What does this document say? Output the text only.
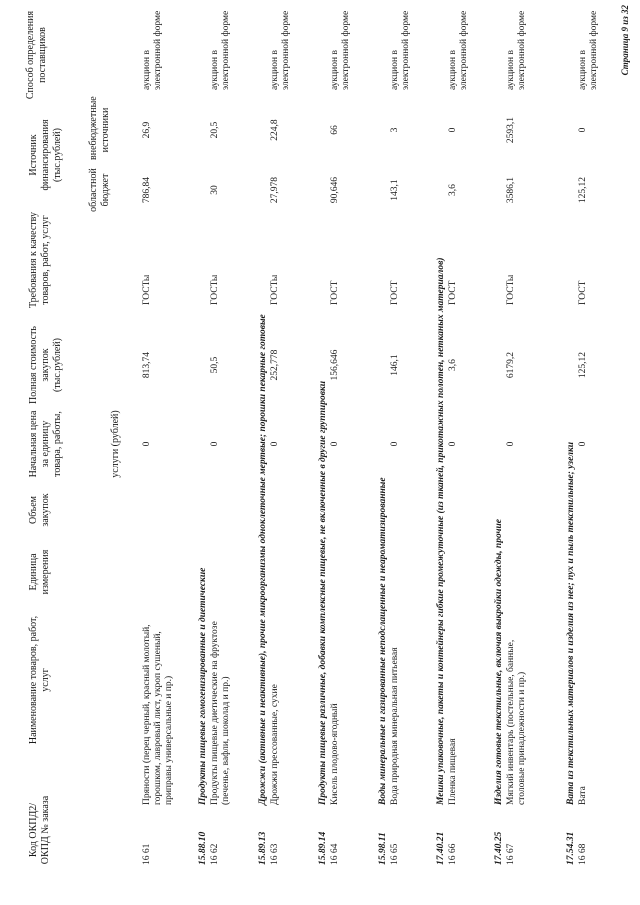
Код ОКПД2/ ОКПД № заказа
Наименование товаров, работ, услуг
Единица измерения
Объем закупок
Начальная цена за единицу товара, работы,	услуги (рублей)
Полная стоимость закупок (тыс.рублей)
Требования к качеству товаров, работ, услуг
Источник финансирования (тыс.рублей)
областной бюджет
внебюджетные источники
Способ определения поставщиков
16 61
Пряности (перец черный, красный молотый, горошком, лавровый лист, укроп сушеный, приправы универсальные и пр.)
0
813,74
ГОСТы
786,84
26,9
аукцион в электронной форме
15.88.10
Продукты пищевые гомогенизированные и диетические
16 62
Продукты пищевые диетические на фруктозе (печенье, вафли, шоколад и пр.)
0
50,5
ГОСТы
30
20,5
аукцион в электронной форме
15.89.13
Дрожжи (активные и неактивные), прочие микроорганизмы одноклеточные мертвые; порошки пекарные готовые
16 63
Дрожжи прессованные, сухие
0
252,778
ГОСТы
27,978
224,8
аукцион в электронной форме
15.89.14
Продукты пищевые различные, добавки комплексные пищевые, не включенные в другие группировки
16 64
Кисель плодово-ягодный
0
156,646
ГОСТ
90,646
66
аукцион в электронной форме
15.98.11
Воды минеральные и газированные неподслащенные и неароматизированные
16 65
Вода природная минеральная питьевая
0
146,1
ГОСТ
143,1
3
аукцион в электронной форме
17.40.21
Мешки упаковочные, пакеты и контейнеры гибкие промежуточные (из тканей, прикотажных полотен, нетканых материалов)
16 66
Пленка пищевая
0
3,6
ГОСТ
3,6
0
аукцион в электронной форме
17.40.25
Изделия готовые текстильные, включая выкройки одежды, прочие
16 67
Мягкий инвентарь (постельные, банные, столовые принадлежности и пр.)
0
6179,2
ГОСТы
3586,1
2593,1
аукцион в электронной форме
17.54.31
Вата из текстильных материалов и изделия из нее; пух и пыль текстильные; узелки
16 68
Вата
0
125,12
ГОСТ
125,12
0
аукцион в электронной форме Страница 9 из 32
